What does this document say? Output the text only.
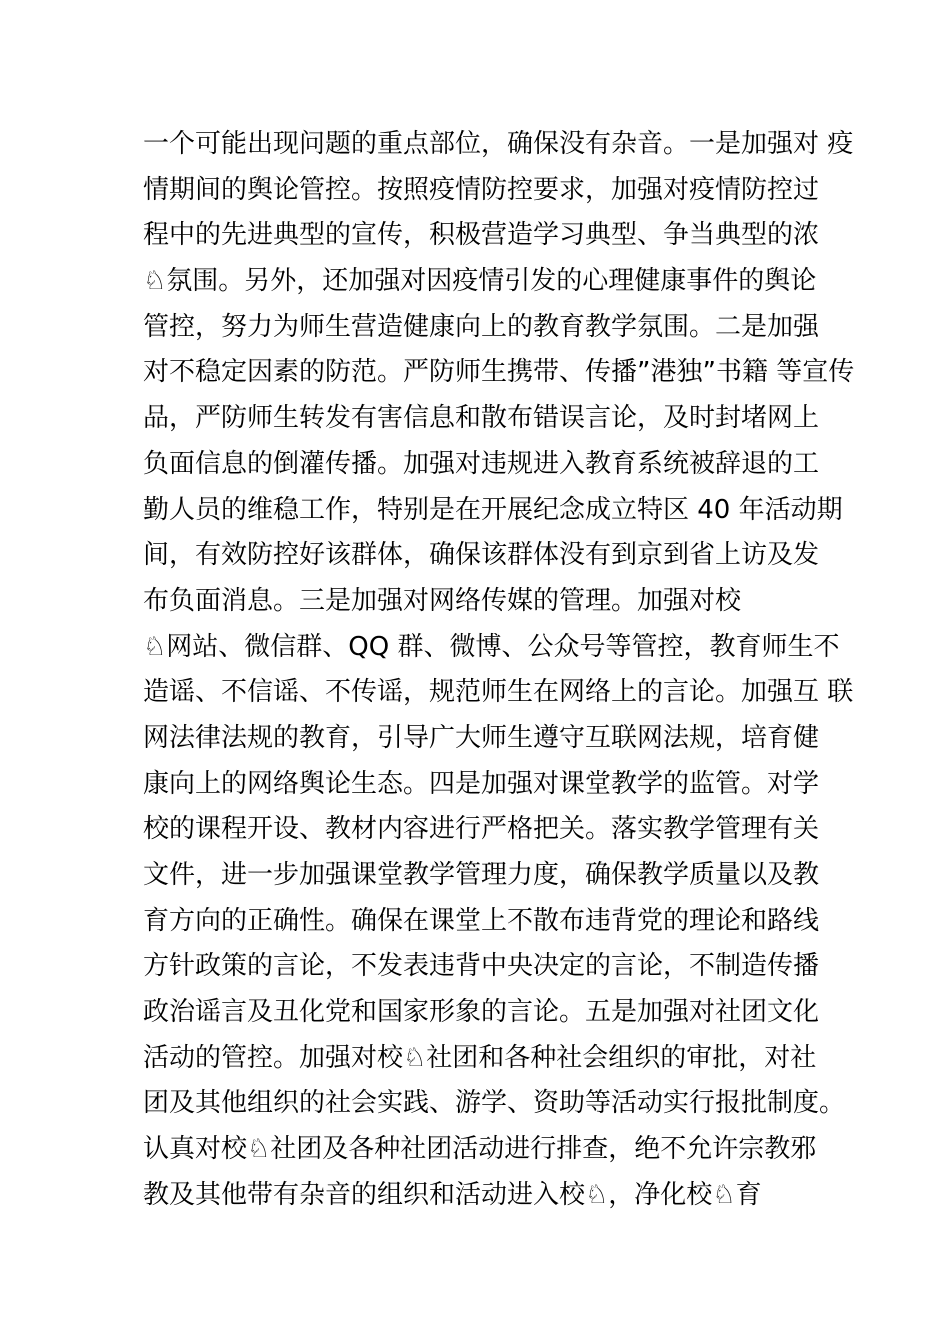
一个可能出现问题的重点部位，确保没有杂音。一是加强对 疫
情期间的舆论管控。按照疫情防控要求，加强对疫情防控过
程中的先进典型的宣传，积极营造学习典型、争当典型的浓
♘氛围。另外，还加强对因疫情引发的心理健康事件的舆论
管控，努力为师生营造健康向上的教育教学氛围。二是加强
对不稳定因素的防范。严防师生携带、传播”港独”书籍 等宣传
品，严防师生转发有害信息和散布错误言论，及时封堵网上
负面信息的倒灌传播。加强对违规进入教育系统被辞退的工
勤人员的维稳工作，特别是在开展纪念成立特区 40 年活动期
间，有效防控好该群体，确保该群体没有到京到省上访及发
布负面消息。三是加强对网络传媒的管理。加强对校
♘网站、微信群、QQ 群、微博、公众号等管控，教育师生不
造谣、不信谣、不传谣，规范师生在网络上的言论。加强互 联
网法律法规的教育，引导广大师生遵守互联网法规，培育健
康向上的网络舆论生态。四是加强对课堂教学的监管。对学
校的课程开设、教材内容进行严格把关。落实教学管理有关
文件，进一步加强课堂教学管理力度，确保教学质量以及教
育方向的正确性。确保在课堂上不散布违背党的理论和路线
方针政策的言论，不发表违背中央决定的言论，不制造传播
政治谣言及丑化党和国家形象的言论。五是加强对社团文化
活动的管控。加强对校♘社团和各种社会组织的审批，对社
团及其他组织的社会实践、游学、资助等活动实行报批制度。
认真对校♘社团及各种社团活动进行排查，绝不允许宗教邪
教及其他带有杂音的组织和活动进入校♘，净化校♘育
